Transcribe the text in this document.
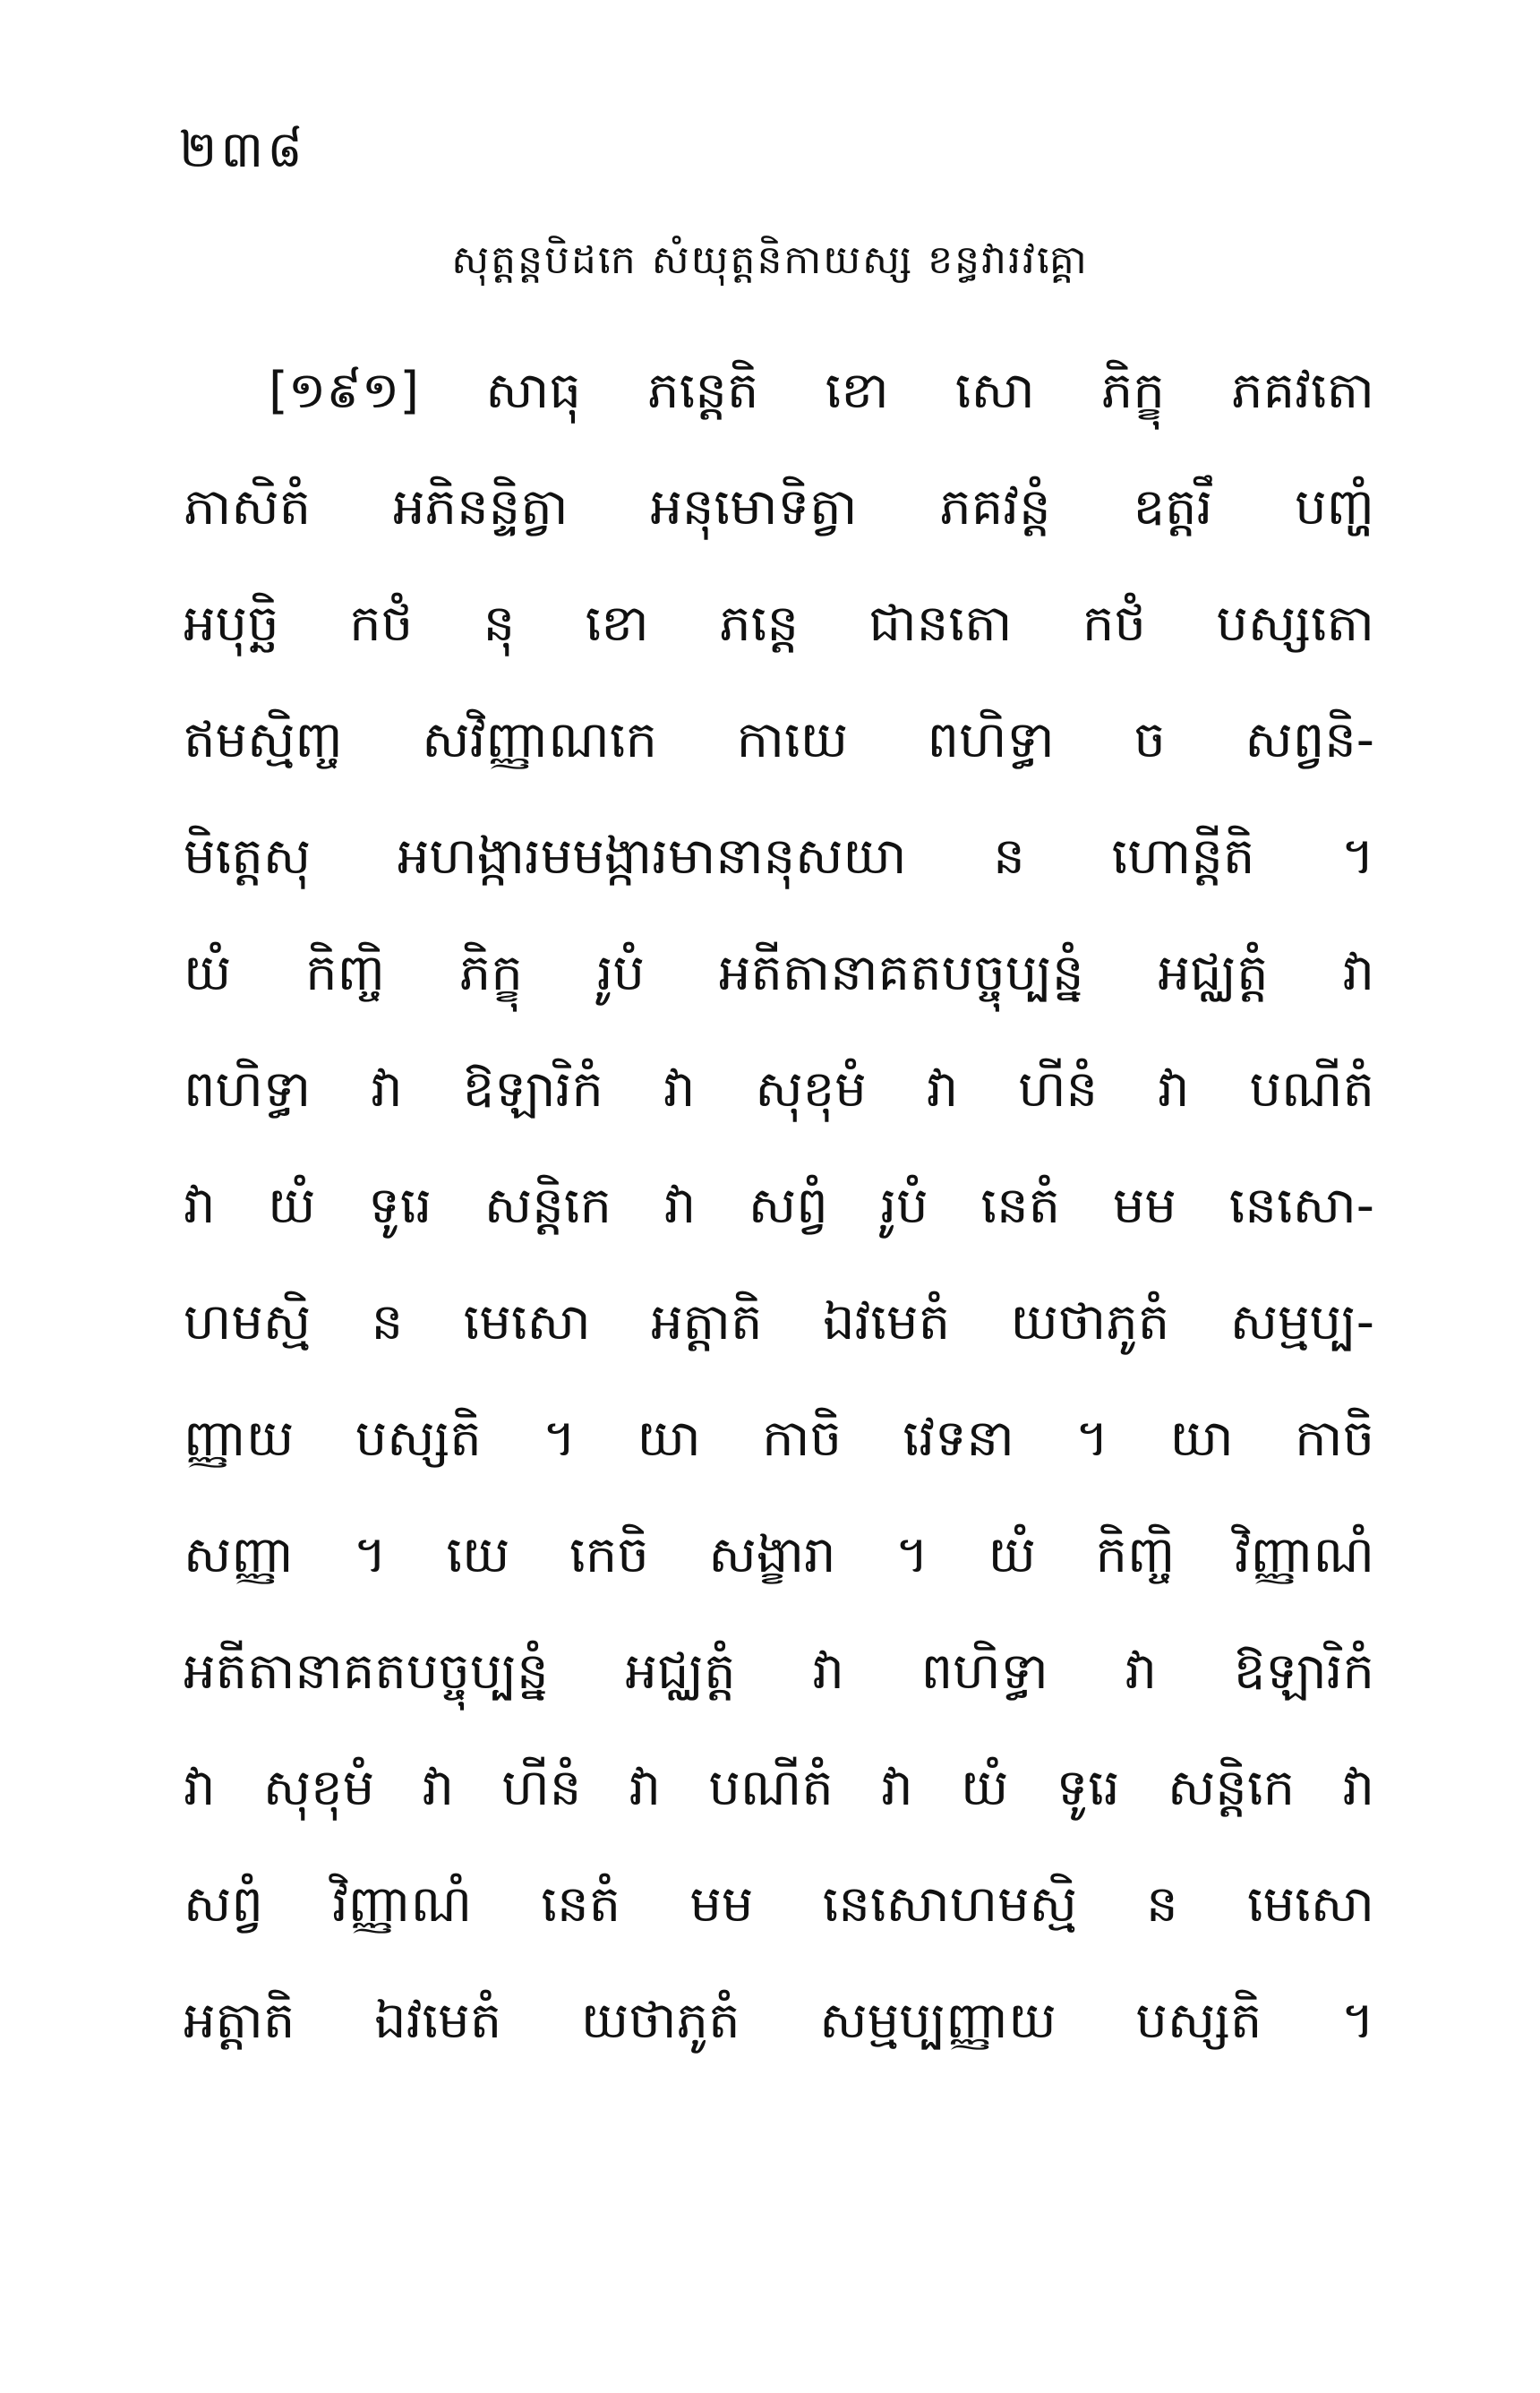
២៣៨
សុត្តន្តបិដកេ សំយុត្តនិកាយស្ស ខន្ធវារវគ្គោ
[១៩១] សាធុ ភន្តេតិ ខោ សោ ភិក្ខុ ភគវតោ
ភាសិតំ អភិនន្ទិត្វា អនុមោទិត្វា ភគវន្តំ ឧត្តរឹ បញ្ហំ
អបុច្ឆិ កថំ នុ ខោ ភន្តេ ជានតោ កថំ បស្សតោ
ឥមស្មិញ្ច សវិញ្ញាណកេ កាយេ ពហិទ្ធា ច សព្វនិ-
មិត្តេសុ អហង្ការមមង្ការមានានុសយា ន ហោន្តីតិ ។
យំ កិញ្ចិ ភិក្ខុ រូបំ អតីតានាគតបច្ចុប្បន្នំ អជ្ឈត្តំ វា
ពហិទ្ធា វា ឱឡារិកំ វា សុខុមំ វា ហីនំ វា បណីតំ
វា យំ ទូរេ សន្តិកេ វា សព្វំ រូបំ នេតំ មម នេសោ-
ហមស្មិ ន មេសោ អត្តាតិ ឯវមេតំ យថាភូតំ សម្មប្ប-
ញ្ញាយ បស្សតិ ។ យា កាចិ វេទនា ។ យា កាចិ
សញ្ញា ។ យេ កេចិ សង្ខារា ។ យំ កិញ្ចិ វិញ្ញាណំ
អតីតានាគតបច្ចុប្បន្នំ អជ្ឈត្តំ វា ពហិទ្ធា វា ឱឡារិកំ
វា សុខុមំ វា ហីនំ វា បណីតំ វា យំ ទូរេ សន្តិកេ វា
សព្វំ វិញ្ញាណំ នេតំ មម នេសោហមស្មិ ន មេសោ
អត្តាតិ ឯវមេតំ យថាភូតំ សម្មប្បញ្ញាយ បស្សតិ ។
